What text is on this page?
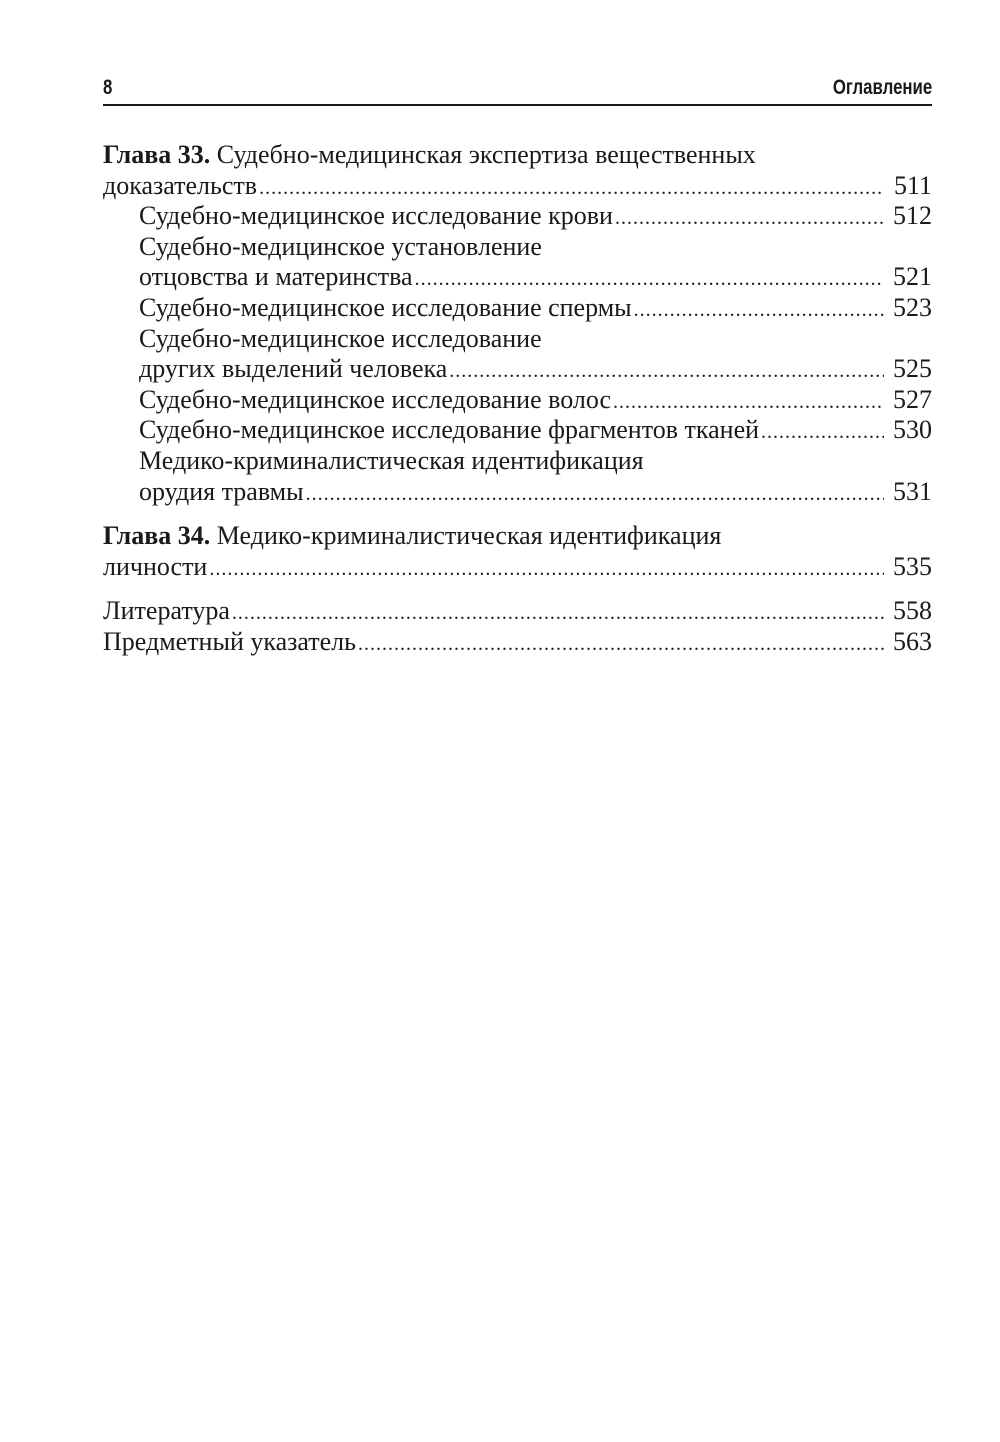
8	Оглавление
Глава 33. Судебно-медицинская экспертиза вещественных
доказательств .....	511
Судебно-медицинское исследование крови .....	512
Судебно-медицинское установление
отцовства и материнства .....	521
Судебно-медицинское исследование спермы .....	523
Судебно-медицинское исследование
других выделений человека .....	525
Судебно-медицинское исследование волос .....	527
Судебно-медицинское исследование фрагментов тканей .....	530
Медико-криминалистическая идентификация
орудия травмы .....	531
Глава 34. Медико-криминалистическая идентификация
личности .....	535
Литература .....	558
Предметный указатель .....	563
